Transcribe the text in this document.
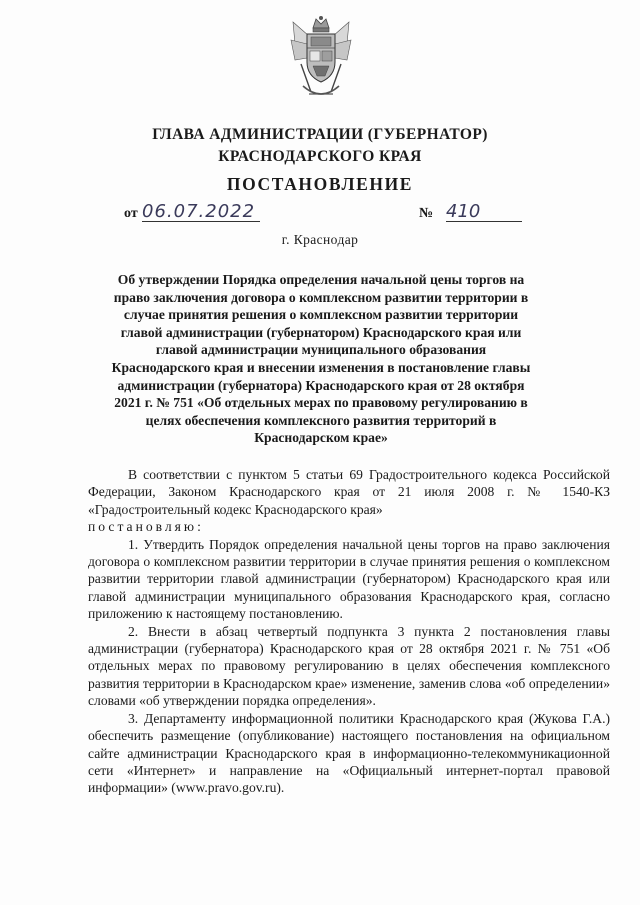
ГЛАВА АДМИНИСТРАЦИИ (ГУБЕРНАТОР)
КРАСНОДАРСКОГО КРАЯ
ПОСТАНОВЛЕНИЕ
от 06.07.2022	№ 410
г. Краснодар
Об утверждении Порядка определения начальной цены торгов на право заключения договора о комплексном развитии территории в случае принятия решения о комплексном развитии территории главой администрации (губернатором) Краснодарского края или главой администрации муниципального образования Краснодарского края и внесении изменения в постановление главы администрации (губернатора) Краснодарского края от 28 октября 2021 г. № 751 «Об отдельных мерах по правовому регулированию в целях обеспечения комплексного развития территорий в Краснодарском крае»

В соответствии с пунктом 5 статьи 69 Градостроительного кодекса Российской Федерации, Законом Краснодарского края от 21 июля 2008 г. № 1540-КЗ «Градостроительный кодекс Краснодарского края»

постановляю:

1. Утвердить Порядок определения начальной цены торгов на право заключения договора о комплексном развитии территории в случае принятия решения о комплексном развитии территории главой администрации (губернатором) Краснодарского края или главой администрации муниципального образования Краснодарского края, согласно приложению к настоящему постановлению.

2. Внести в абзац четвертый подпункта 3 пункта 2 постановления главы администрации (губернатора) Краснодарского края от 28 октября 2021 г. № 751 «Об отдельных мерах по правовому регулированию в целях обеспечения комплексного развития территории в Краснодарском крае» изменение, заменив слова «об определении» словами «об утверждении порядка определения».

3. Департаменту информационной политики Краснодарского края (Жукова Г.А.) обеспечить размещение (опубликование) настоящего постановления на официальном сайте администрации Краснодарского края в информационно-телекоммуникационной сети «Интернет» и направление на «Официальный интернет-портал правовой информации» (www.pravo.gov.ru).
